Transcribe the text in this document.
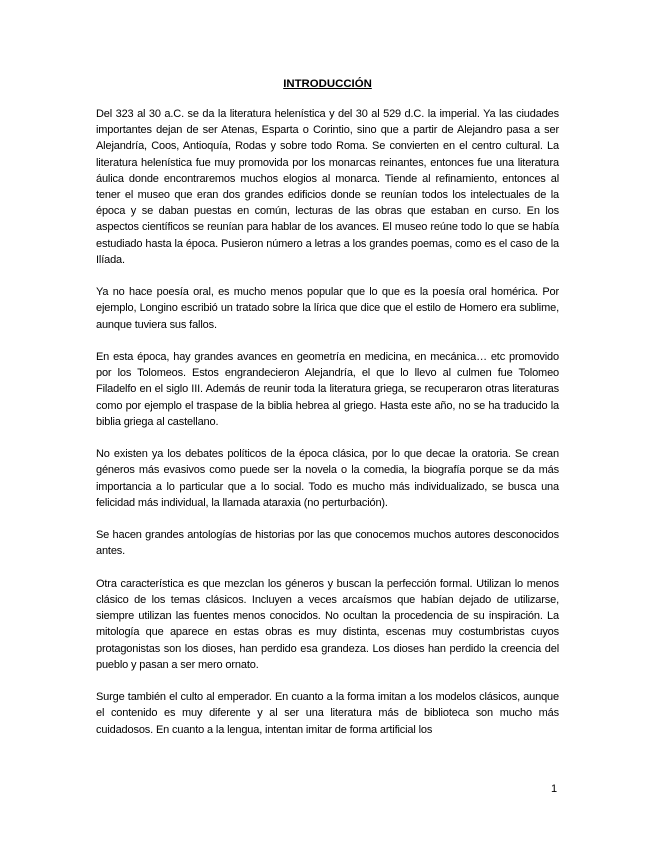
INTRODUCCIÓN

Del 323 al 30 a.C. se da la literatura helenística y del 30 al 529 d.C. la imperial. Ya las ciudades importantes dejan de ser Atenas, Esparta o Corintio, sino que a partir de Alejandro pasa a ser Alejandría, Coos, Antioquía, Rodas y sobre todo Roma. Se convierten en el centro cultural. La literatura helenística fue muy promovida por los monarcas reinantes, entonces fue una literatura áulica donde encontraremos muchos elogios al monarca. Tiende al refinamiento, entonces al tener el museo que eran dos grandes edificios donde se reunían todos los intelectuales de la época y se daban puestas en común, lecturas de las obras que estaban en curso. En los aspectos científicos se reunían para hablar de los avances. El museo reúne todo lo que se había estudiado hasta la época. Pusieron número a letras a los grandes poemas, como es el caso de la Ilíada.

Ya no hace poesía oral, es mucho menos popular que lo que es la poesía oral homérica. Por ejemplo, Longino escribió un tratado sobre la lírica que dice que el estilo de Homero era sublime, aunque tuviera sus fallos.

En esta época, hay grandes avances en geometría en medicina, en mecánica… etc promovido por los Tolomeos. Estos engrandecieron Alejandría, el que lo llevo al culmen fue Tolomeo Filadelfo en el siglo III. Además de reunir toda la literatura griega, se recuperaron otras literaturas como por ejemplo el traspase de la biblia hebrea al griego. Hasta este año, no se ha traducido la biblia griega al castellano.

No existen ya los debates políticos de la época clásica, por lo que decae la oratoria. Se crean géneros más evasivos como puede ser la novela o la comedia, la biografía porque se da más importancia a lo particular que a lo social. Todo es mucho más individualizado, se busca una felicidad más individual, la llamada ataraxia (no perturbación).

Se hacen grandes antologías de historias por las que conocemos muchos autores desconocidos antes.

Otra característica es que mezclan los géneros y buscan la perfección formal. Utilizan lo menos clásico de los temas clásicos. Incluyen a veces arcaísmos que habían dejado de utilizarse, siempre utilizan las fuentes menos conocidos. No ocultan la procedencia de su inspiración. La mitología que aparece en estas obras es muy distinta, escenas muy costumbristas cuyos protagonistas son los dioses, han perdido esa grandeza. Los dioses han perdido la creencia del pueblo y pasan a ser mero ornato.

Surge también el culto al emperador. En cuanto a la forma imitan a los modelos clásicos, aunque el contenido es muy diferente y al ser una literatura más de biblioteca son mucho más cuidadosos. En cuanto a la lengua, intentan imitar de forma artificial los

1
